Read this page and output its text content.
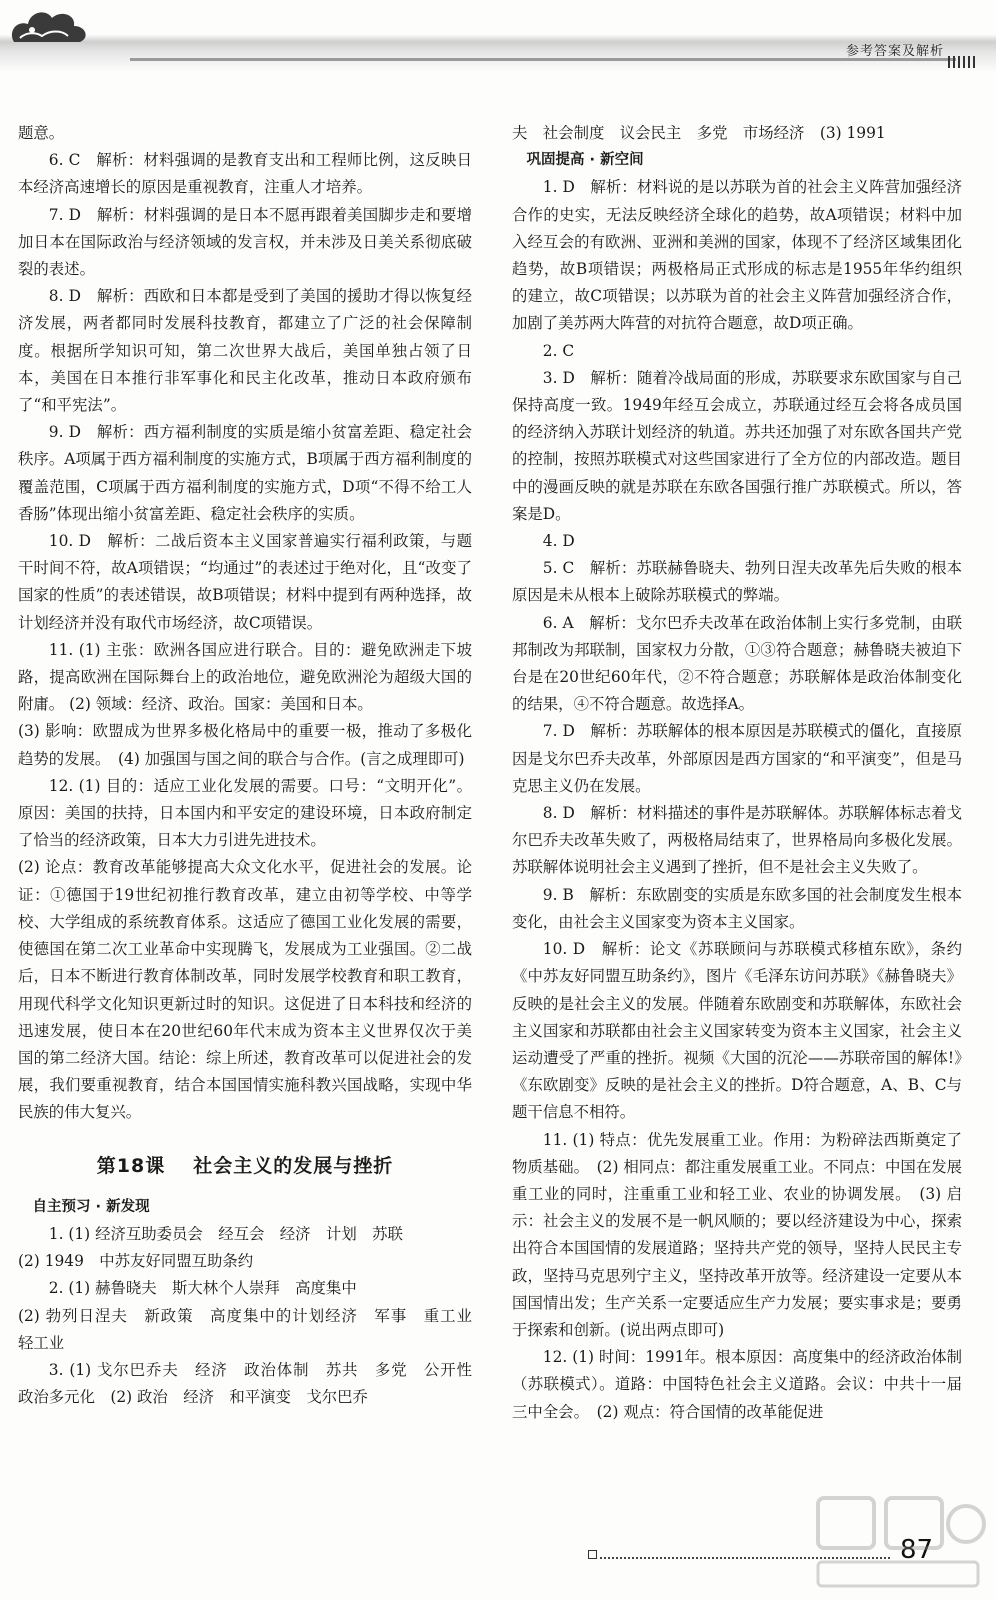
参考答案及解析

题意。

6. C　解析：材料强调的是教育支出和工程师比例，这反映日本经济高速增长的原因是重视教育，注重人才培养。

7. D　解析：材料强调的是日本不愿再跟着美国脚步走和要增加日本在国际政治与经济领域的发言权，并未涉及日美关系彻底破裂的表述。

8. D　解析：西欧和日本都是受到了美国的援助才得以恢复经济发展，两者都同时发展科技教育，都建立了广泛的社会保障制度。根据所学知识可知，第二次世界大战后，美国单独占领了日本，美国在日本推行非军事化和民主化改革，推动日本政府颁布了“和平宪法”。

9. D　解析：西方福利制度的实质是缩小贫富差距、稳定社会秩序。A项属于西方福利制度的实施方式，B项属于西方福利制度的覆盖范围，C项属于西方福利制度的实施方式，D项“不得不给工人香肠”体现出缩小贫富差距、稳定社会秩序的实质。

10. D　解析：二战后资本主义国家普遍实行福利政策，与题干时间不符，故A项错误；“均通过”的表述过于绝对化，且“改变了国家的性质”的表述错误，故B项错误；材料中提到有两种选择，故计划经济并没有取代市场经济，故C项错误。

11. (1) 主张：欧洲各国应进行联合。目的：避免欧洲走下坡路，提高欧洲在国际舞台上的政治地位，避免欧洲沦为超级大国的附庸。 (2) 领域：经济、政治。国家：美国和日本。

(3) 影响：欧盟成为世界多极化格局中的重要一极，推动了多极化趋势的发展。　(4) 加强国与国之间的联合与合作。(言之成理即可)

12. (1) 目的：适应工业化发展的需要。口号：“文明开化”。原因：美国的扶持，日本国内和平安定的建设环境，日本政府制定了恰当的经济政策，日本大力引进先进技术。

(2) 论点：教育改革能够提高大众文化水平，促进社会的发展。论证：①德国于19世纪初推行教育改革，建立由初等学校、中等学校、大学组成的系统教育体系。这适应了德国工业化发展的需要，使德国在第二次工业革命中实现腾飞，发展成为工业强国。②二战后，日本不断进行教育体制改革，同时发展学校教育和职工教育，用现代科学文化知识更新过时的知识。这促进了日本科技和经济的迅速发展，使日本在20世纪60年代末成为资本主义世界仅次于美国的第二经济大国。结论：综上所述，教育改革可以促进社会的发展，我们要重视教育，结合本国国情实施科教兴国战略，实现中华民族的伟大复兴。

第18课 社会主义的发展与挫折

自主预习 · 新发现

1. (1) 经济互助委员会　经互会　经济　计划　苏联

(2) 1949　中苏友好同盟互助条约

2. (1) 赫鲁晓夫　斯大林个人崇拜　高度集中

(2) 勃列日涅夫　新政策　高度集中的计划经济　军事　重工业　轻工业

3. (1) 戈尔巴乔夫　经济　政治体制　苏共　多党　公开性　政治多元化　(2) 政治　经济　和平演变　戈尔巴乔

夫　社会制度　议会民主　多党　市场经济　(3) 1991

巩固提高 · 新空间

1. D　解析：材料说的是以苏联为首的社会主义阵营加强经济合作的史实，无法反映经济全球化的趋势，故A项错误；材料中加入经互会的有欧洲、亚洲和美洲的国家，体现不了经济区域集团化趋势，故B项错误；两极格局正式形成的标志是1955年华约组织的建立，故C项错误；以苏联为首的社会主义阵营加强经济合作，加剧了美苏两大阵营的对抗符合题意，故D项正确。

2. C

3. D　解析：随着冷战局面的形成，苏联要求东欧国家与自己保持高度一致。1949年经互会成立，苏联通过经互会将各成员国的经济纳入苏联计划经济的轨道。苏共还加强了对东欧各国共产党的控制，按照苏联模式对这些国家进行了全方位的内部改造。题目中的漫画反映的就是苏联在东欧各国强行推广苏联模式。所以，答案是D。

4. D

5. C　解析：苏联赫鲁晓夫、勃列日涅夫改革先后失败的根本原因是未从根本上破除苏联模式的弊端。

6. A　解析：戈尔巴乔夫改革在政治体制上实行多党制，由联邦制改为邦联制，国家权力分散，①③符合题意；赫鲁晓夫被迫下台是在20世纪60年代，②不符合题意；苏联解体是政治体制变化的结果，④不符合题意。故选择A。

7. D　解析：苏联解体的根本原因是苏联模式的僵化，直接原因是戈尔巴乔夫改革，外部原因是西方国家的“和平演变”，但是马克思主义仍在发展。

8. D　解析：材料描述的事件是苏联解体。苏联解体标志着戈尔巴乔夫改革失败了，两极格局结束了，世界格局向多极化发展。苏联解体说明社会主义遇到了挫折，但不是社会主义失败了。

9. B　解析：东欧剧变的实质是东欧多国的社会制度发生根本变化，由社会主义国家变为资本主义国家。

10. D　解析：论文《苏联顾问与苏联模式移植东欧》，条约《中苏友好同盟互助条约》，图片《毛泽东访问苏联》《赫鲁晓夫》反映的是社会主义的发展。伴随着东欧剧变和苏联解体，东欧社会主义国家和苏联都由社会主义国家转变为资本主义国家，社会主义运动遭受了严重的挫折。视频《大国的沉沦——苏联帝国的解体!》《东欧剧变》反映的是社会主义的挫折。D符合题意，A、B、C与题干信息不相符。

11. (1) 特点：优先发展重工业。作用：为粉碎法西斯奠定了物质基础。　(2) 相同点：都注重发展重工业。不同点：中国在发展重工业的同时，注重重工业和轻工业、农业的协调发展。　(3) 启示：社会主义的发展不是一帆风顺的；要以经济建设为中心，探索出符合本国国情的发展道路；坚持共产党的领导，坚持人民民主专政，坚持马克思列宁主义，坚持改革开放等。经济建设一定要从本国国情出发；生产关系一定要适应生产力发展；要实事求是；要勇于探索和创新。(说出两点即可)

12. (1) 时间：1991年。根本原因：高度集中的经济政治体制（苏联模式）。道路：中国特色社会主义道路。会议：中共十一届三中全会。　(2) 观点：符合国情的改革能促进

87
